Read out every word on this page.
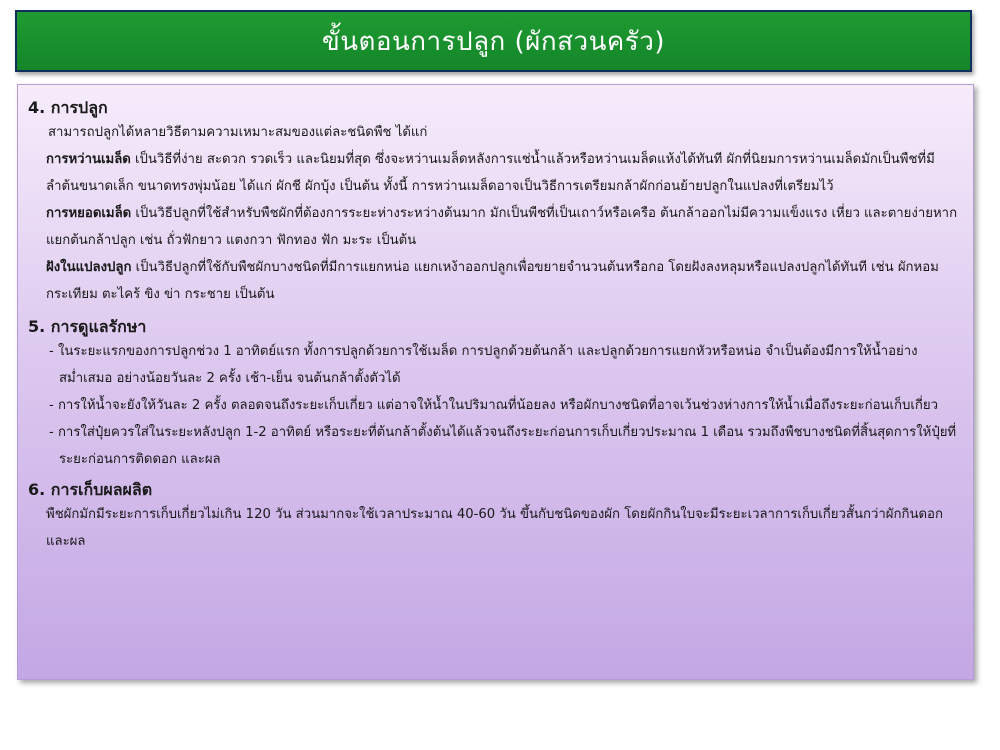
ขั้นตอนการปลูก (ผักสวนครัว)

4. การปลูก

สามารถปลูกได้หลายวิธีตามความเหมาะสมของแต่ละชนิดพืช ได้แก่

การหว่านเมล็ด เป็นวิธีที่ง่าย สะดวก รวดเร็ว และนิยมที่สุด ซึ่งจะหว่านเมล็ดหลังการแช่น้ำแล้วหรือหว่านเมล็ดแห้งได้ทันที ผักที่นิยมการหว่านเมล็ดมักเป็นพืชที่มีลำต้นขนาดเล็ก ขนาดทรงพุ่มน้อย ได้แก่ ผักชี ผักบุ้ง เป็นต้น ทั้งนี้ การหว่านเมล็ดอาจเป็นวิธีการเตรียมกล้าผักก่อนย้ายปลูกในแปลงที่เตรียมไว้

การหยอดเมล็ด เป็นวิธีปลูกที่ใช้สำหรับพืชผักที่ต้องการระยะห่างระหว่างต้นมาก มักเป็นพืชที่เป็นเถาว์หรือเครือ ต้นกล้าออกไม่มีความแข็งแรง เหี่ยว และตายง่ายหากแยกต้นกล้าปลูก เช่น ถั่วฟักยาว แตงกวา ฟักทอง ฟัก มะระ เป็นต้น

ฝังในแปลงปลูก เป็นวิธีปลูกที่ใช้กับพืชผักบางชนิดที่มีการแยกหน่อ แยกเหง้าออกปลูกเพื่อขยายจำนวนต้นหรือกอ โดยฝังลงหลุมหรือแปลงปลูกได้ทันที เช่น ผักหอม กระเทียม ตะไคร้ ขิง ข่า กระชาย เป็นต้น

5. การดูแลรักษา

- ในระยะแรกของการปลูกช่วง 1 อาทิตย์แรก ทั้งการปลูกด้วยการใช้เมล็ด การปลูกด้วยต้นกล้า และปลูกด้วยการแยกหัวหรือหน่อ จำเป็นต้องมีการให้น้ำอย่างสม่ำเสมอ อย่างน้อยวันละ 2 ครั้ง เช้า-เย็น จนต้นกล้าตั้งตัวได้

- การให้น้ำจะยังให้วันละ 2 ครั้ง ตลอดจนถึงระยะเก็บเกี่ยว แต่อาจให้น้ำในปริมาณที่น้อยลง หรือผักบางชนิดที่อาจเว้นช่วงห่างการให้น้ำเมื่อถึงระยะก่อนเก็บเกี่ยว

- การใส่ปุ๋ยควรใส่ในระยะหลังปลูก 1-2 อาทิตย์ หรือระยะที่ต้นกล้าตั้งต้นได้แล้วจนถึงระยะก่อนการเก็บเกี่ยวประมาณ 1 เดือน รวมถึงพืชบางชนิดที่สิ้นสุดการให้ปุ๋ยที่ระยะก่อนการติดดอก และผล

6. การเก็บผลผลิต

พืชผักมักมีระยะการเก็บเกี่ยวไม่เกิน 120 วัน ส่วนมากจะใช้เวลาประมาณ 40-60 วัน ขึ้นกับชนิดของผัก โดยผักกินใบจะมีระยะเวลาการเก็บเกี่ยวสั้นกว่าผักกินดอก และผล
